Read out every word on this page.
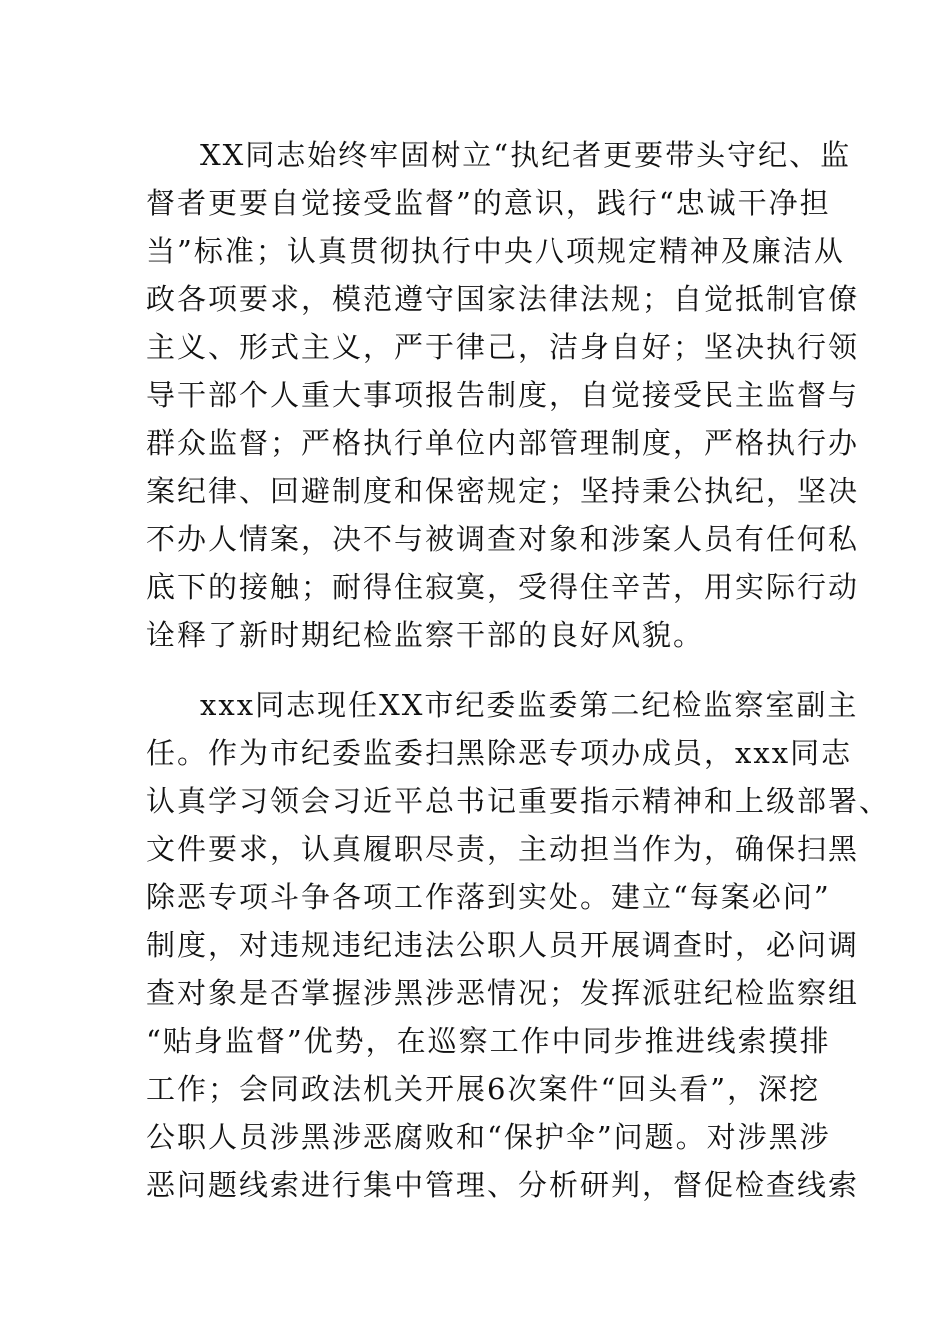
XX同志始终牢固树立“执纪者更要带头守纪、监
督者更要自觉接受监督”的意识，践行“忠诚干净担
当”标准；认真贯彻执行中央八项规定精神及廉洁从
政各项要求，模范遵守国家法律法规；自觉抵制官僚
主义、形式主义，严于律己，洁身自好；坚决执行领
导干部个人重大事项报告制度，自觉接受民主监督与
群众监督；严格执行单位内部管理制度，严格执行办
案纪律、回避制度和保密规定；坚持秉公执纪，坚决
不办人情案，决不与被调查对象和涉案人员有任何私
底下的接触；耐得住寂寞，受得住辛苦，用实际行动
诠释了新时期纪检监察干部的良好风貌。
xxx同志现任XX市纪委监委第二纪检监察室副主
任。作为市纪委监委扫黑除恶专项办成员，xxx同志
认真学习领会习近平总书记重要指示精神和上级部署、
文件要求，认真履职尽责，主动担当作为，确保扫黑
除恶专项斗争各项工作落到实处。建立“每案必问”
制度，对违规违纪违法公职人员开展调查时，必问调
查对象是否掌握涉黑涉恶情况；发挥派驻纪检监察组
“贴身监督”优势，在巡察工作中同步推进线索摸排
工作；会同政法机关开展6次案件“回头看”，深挖
公职人员涉黑涉恶腐败和“保护伞”问题。对涉黑涉
恶问题线索进行集中管理、分析研判，督促检查线索
